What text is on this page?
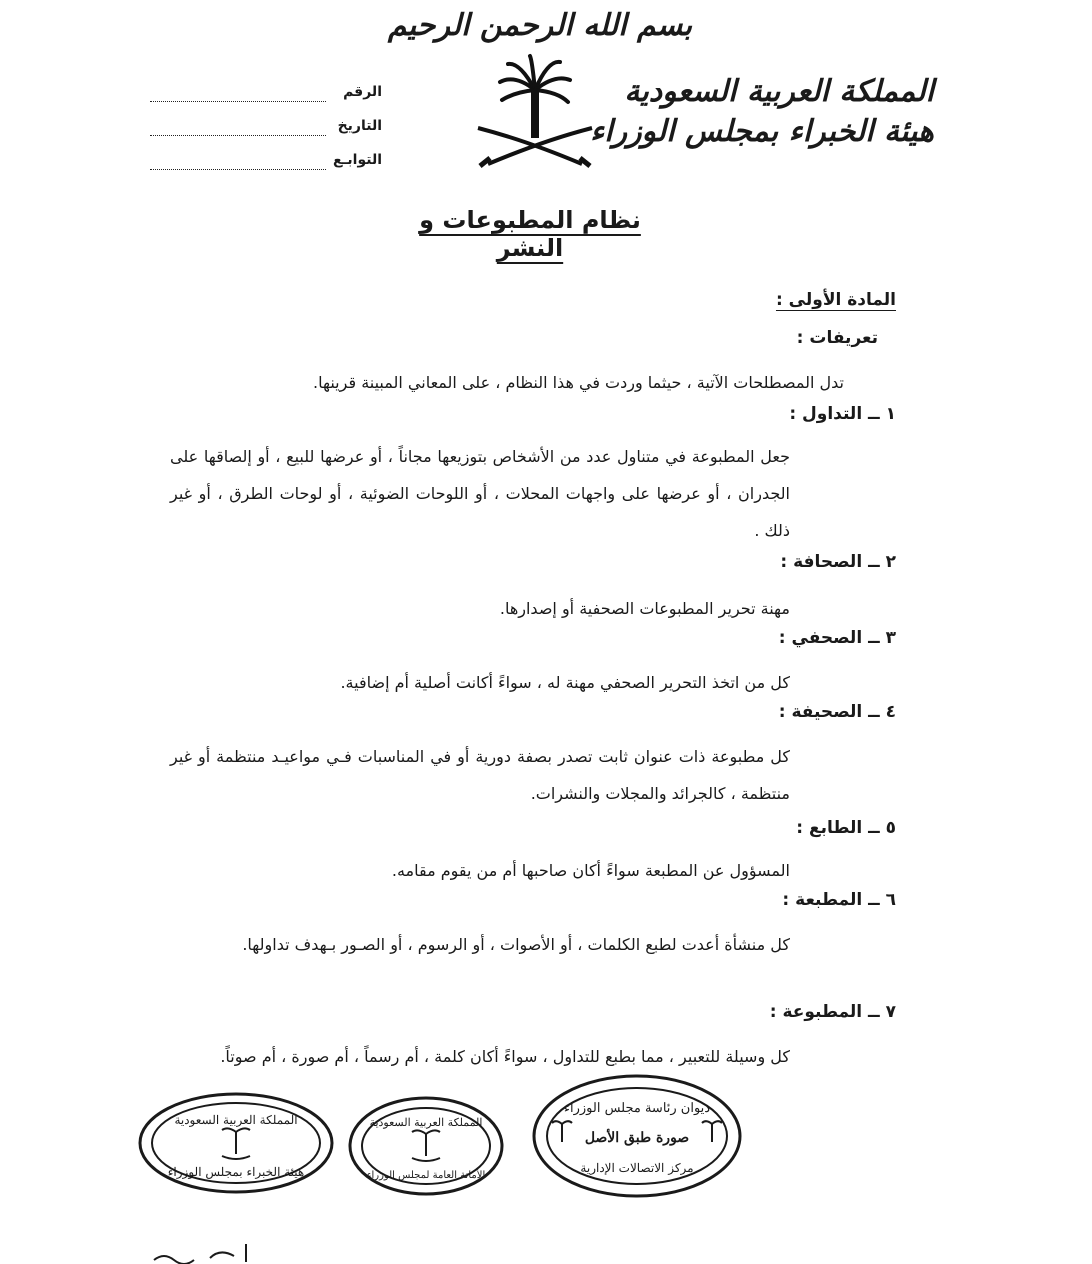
بسم الله الرحمن الرحيم
المملكة العربية السعودية
هيئة الخبراء بمجلس الوزراء
الرقم
التاريخ
التوابـع
نظام المطبوعات و النشر
المادة الأولى :
تعريفات :
تدل المصطلحات الآتية ، حيثما وردت في هذا النظام ، على المعاني المبينة قرينها.
١ ــ التداول :
جعل المطبوعة في متناول عدد من الأشخاص بتوزيعها مجاناً ، أو عرضها للبيع ، أو إلصاقها على الجدران ، أو عرضها على واجهات المحلات ، أو اللوحات الضوئية ، أو لوحات الطرق ، أو غير ذلك .
٢ ــ الصحافة :
مهنة تحرير المطبوعات الصحفية أو إصدارها.
٣ ــ الصحفي :
كل من اتخذ التحرير الصحفي مهنة له ، سواءً أكانت أصلية أم إضافية.
٤ ــ الصحيفة :
كل مطبوعة ذات عنوان ثابت تصدر بصفة دورية أو في المناسبات فـي مواعيـد منتظمة أو غير منتظمة ، كالجرائد والمجلات والنشرات.
٥ ــ الطابع :
المسؤول عن المطبعة سواءً أكان صاحبها أم من يقوم مقامه.
٦ ــ المطبعة :
كل منشأة أعدت لطبع الكلمات ، أو الأصوات ، أو الرسوم ، أو الصـور بـهدف تداولها.
٧ ــ المطبوعة :
كل وسيلة للتعبير ، مما بطبع للتداول ، سواءً أكان كلمة ، أم رسماً ، أم صورة ، أم صوتاً.
المملكة العربية السعودية
هيئة الخبراء بمجلس الوزراء
المملكة العربية السعودية
الأمانة العامة لمجلس الوزراء
ديوان رئاسة مجلس الوزراء
صورة طبق الأصل
مركز الاتصالات الإدارية
